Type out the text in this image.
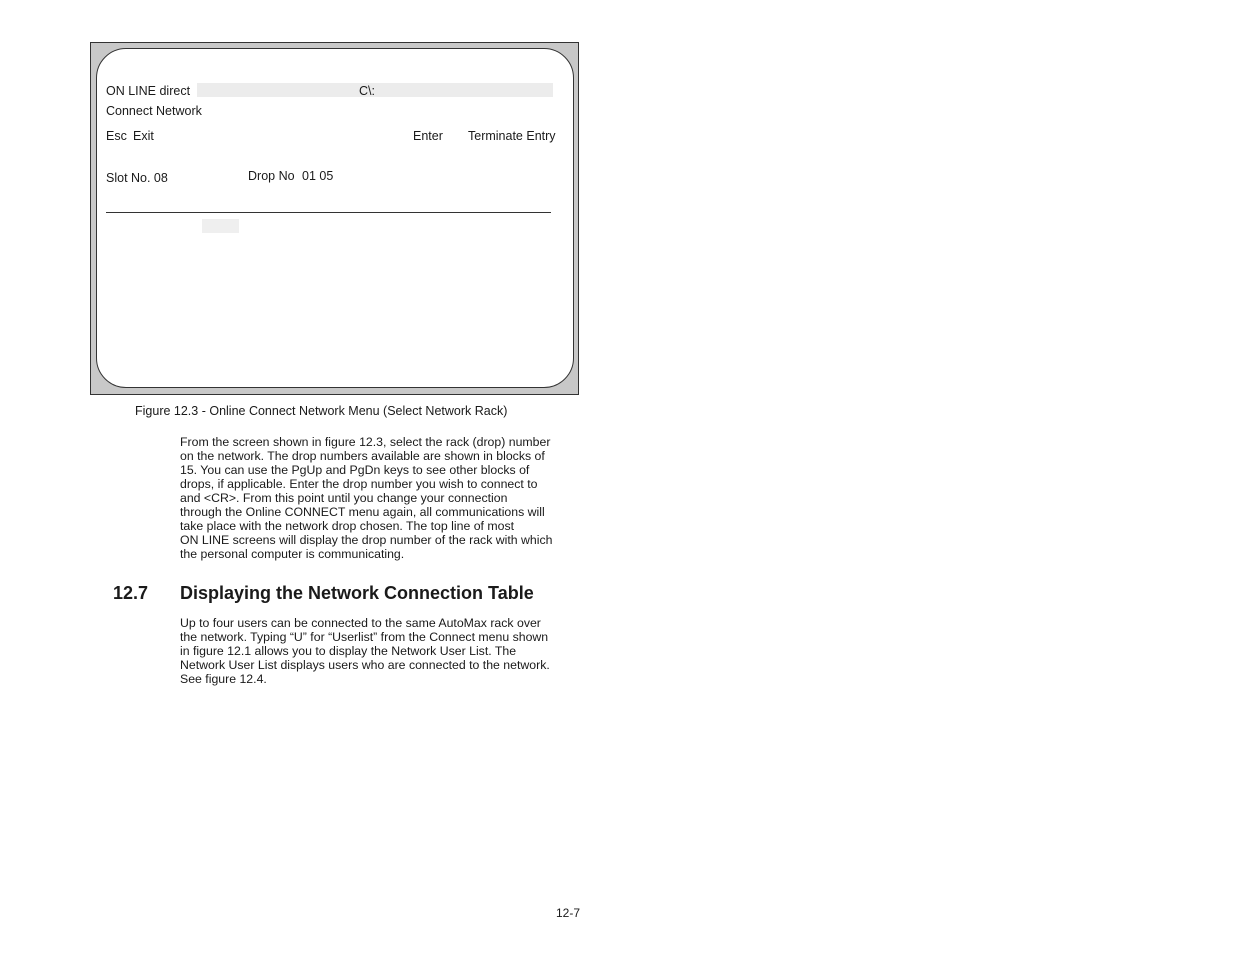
ON LINE direct	C\:
Connect Network
Esc Exit	Enter Terminate Entry
Slot No. 08	Drop No 01 05
Figure 12.3 - Online Connect Network Menu (Select Network Rack)

From the screen shown in figure 12.3, select the rack (drop) number
on the network. The drop numbers available are shown in blocks of
15. You can use the PgUp and PgDn keys to see other blocks of
drops, if applicable. Enter the drop number you wish to connect to
and <CR>. From this point until you change your connection
through the Online CONNECT menu again, all communications will
take place with the network drop chosen. The top line of most
ON LINE screens will display the drop number of the rack with which
the personal computer is communicating.

12.7 Displaying the Network Connection Table

Up to four users can be connected to the same AutoMax rack over
the network. Typing “U” for “Userlist” from the Connect menu shown
in figure 12.1 allows you to display the Network User List. The
Network User List displays users who are connected to the network.
See figure 12.4.

12-7
